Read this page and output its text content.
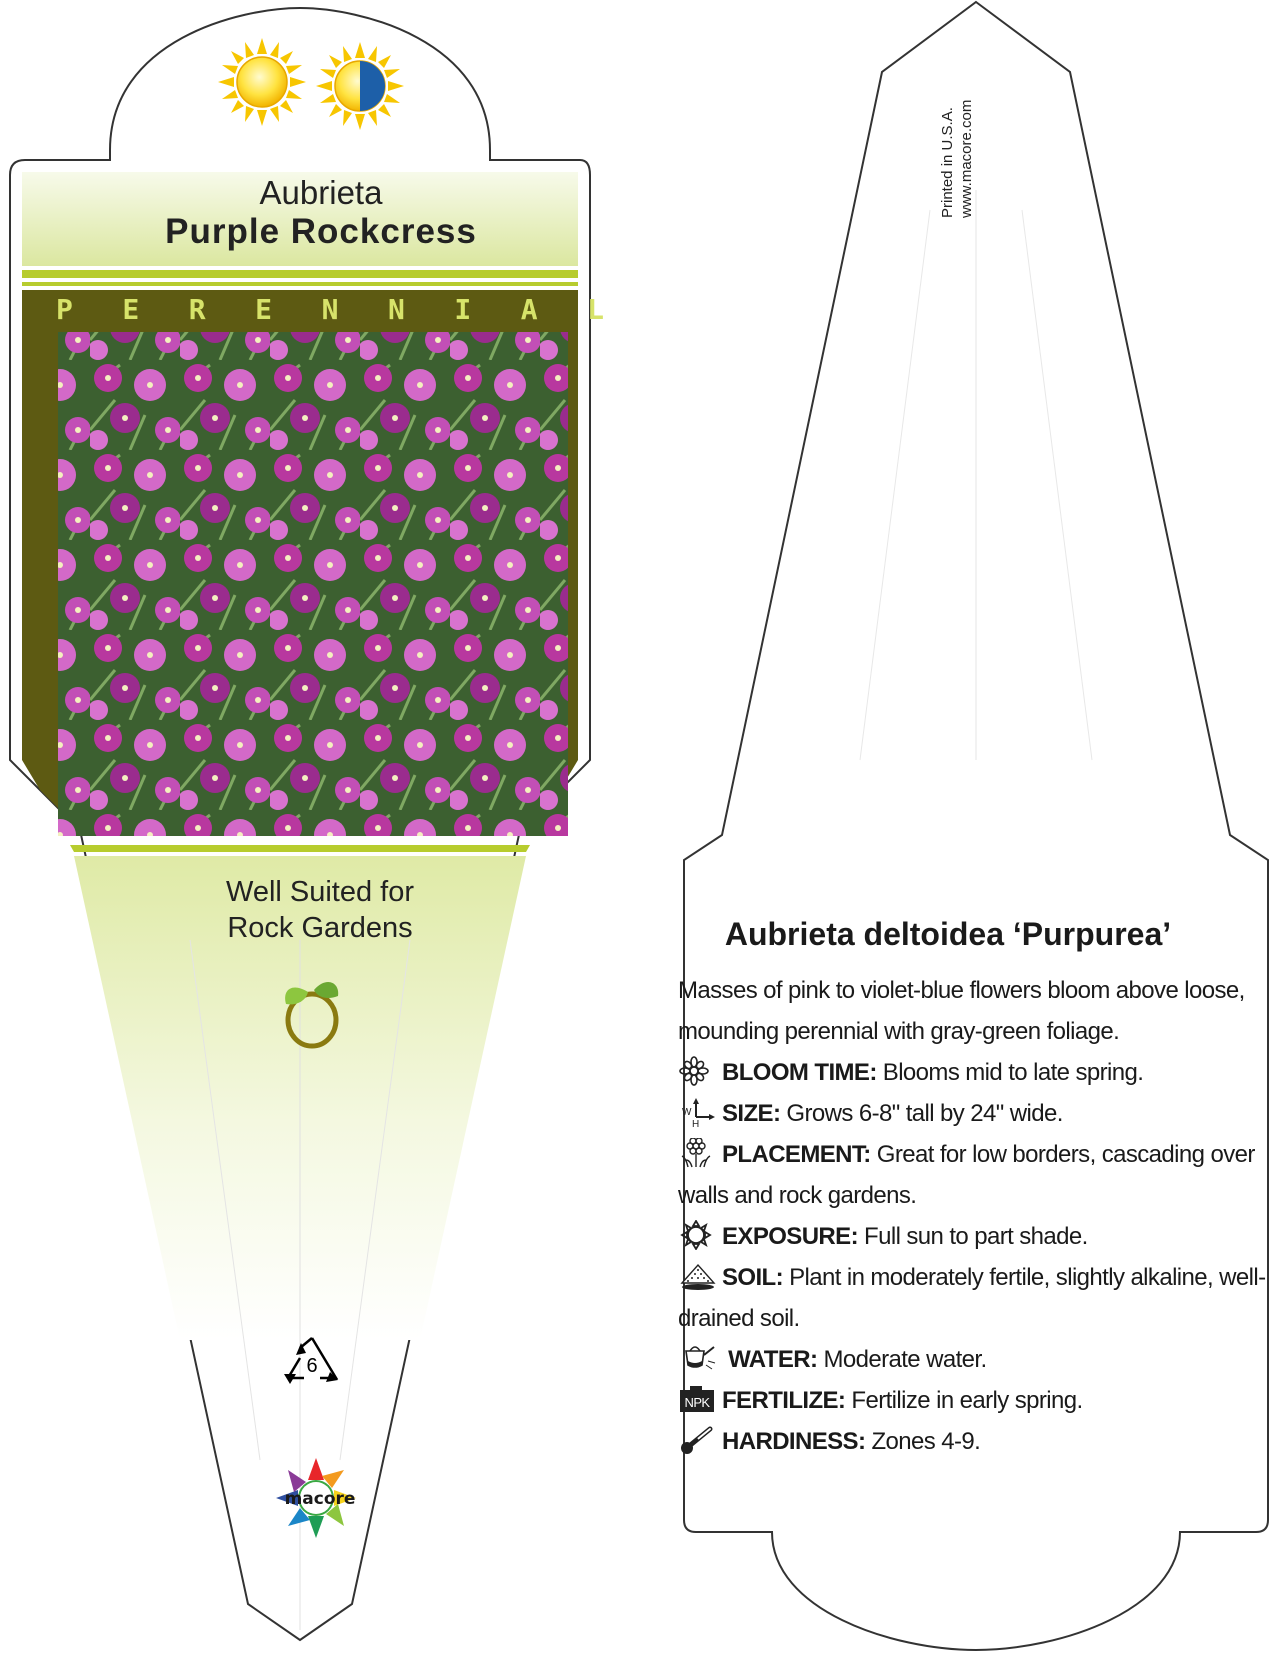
Aubrieta
Purple Rockcress
P E R E N N I A L
Well Suited for
Rock Gardens
6
macore
Printed in U.S.A. www.macore.com
Aubrieta deltoidea ‘Purpurea’
Masses of pink to violet-blue flowers bloom above loose, mounding perennial with gray-green foliage.
BLOOM TIME: Blooms mid to late spring.
W
H SIZE: Grows 6-8" tall by 24" wide.
PLACEMENT: Great for low borders, cascading over walls and rock gardens.
EXPOSURE: Full sun to part shade.
SOIL: Plant in moderately fertile, slightly alkaline, well-drained soil.
WATER: Moderate water.
NPK FERTILIZE: Fertilize in early spring.
HARDINESS: Zones 4-9.
